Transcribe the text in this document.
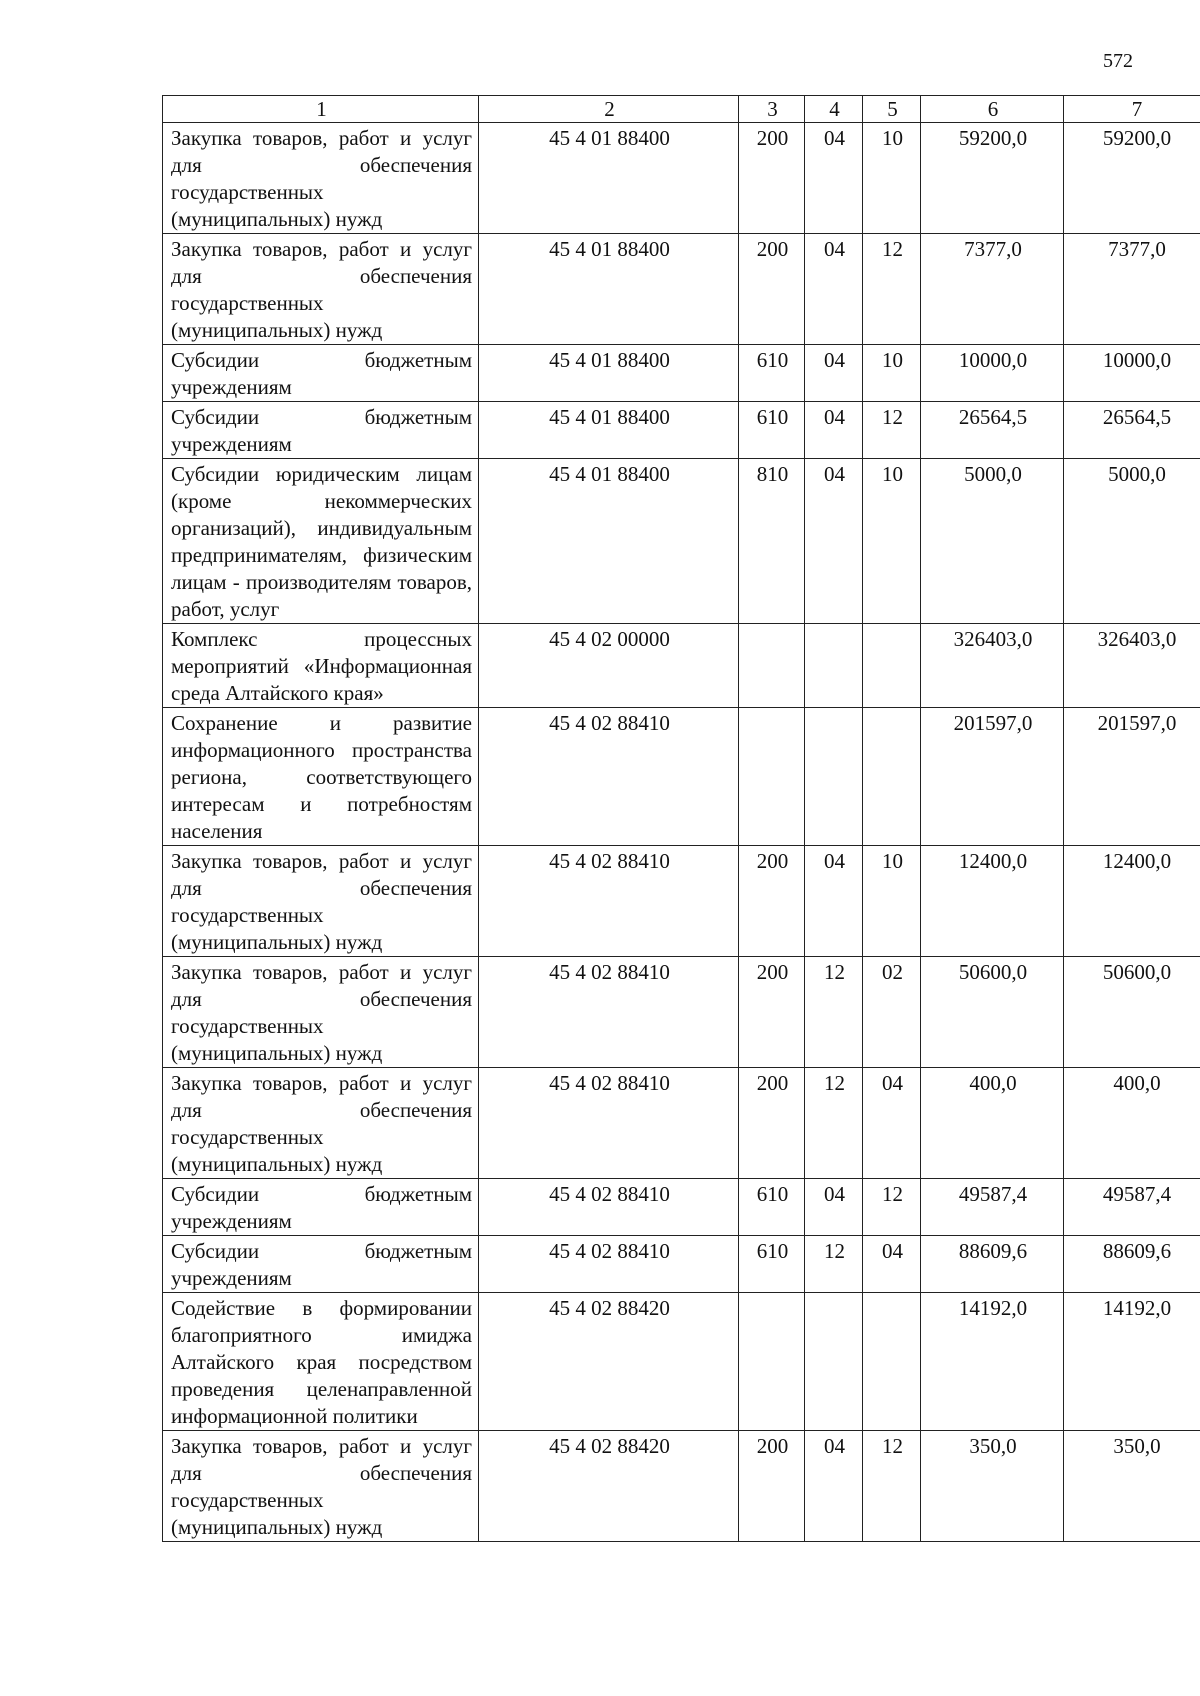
572
1	2	3	4	5	6	7
Закупка товаров, работ и услуг для обеспечения государственных (муниципальных) нужд	45 4 01 88400	200	04	10	59200,0	59200,0
Закупка товаров, работ и услуг для обеспечения государственных (муниципальных) нужд	45 4 01 88400	200	04	12	7377,0	7377,0
Субсидии бюджетным учреждениям	45 4 01 88400	610	04	10	10000,0	10000,0
Субсидии бюджетным учреждениям	45 4 01 88400	610	04	12	26564,5	26564,5
Субсидии юридическим лицам (кроме некоммерческих организаций), индивидуальным предпринимателям, физическим лицам - производителям товаров, работ, услуг	45 4 01 88400	810	04	10	5000,0	5000,0
Комплекс процессных мероприятий «Информационная среда Алтайского края»	45 4 02 00000				326403,0	326403,0
Сохранение и развитие информационного пространства региона, соответствующего интересам и потребностям населения	45 4 02 88410				201597,0	201597,0
Закупка товаров, работ и услуг для обеспечения государственных (муниципальных) нужд	45 4 02 88410	200	04	10	12400,0	12400,0
Закупка товаров, работ и услуг для обеспечения государственных (муниципальных) нужд	45 4 02 88410	200	12	02	50600,0	50600,0
Закупка товаров, работ и услуг для обеспечения государственных (муниципальных) нужд	45 4 02 88410	200	12	04	400,0	400,0
Субсидии бюджетным учреждениям	45 4 02 88410	610	04	12	49587,4	49587,4
Субсидии бюджетным учреждениям	45 4 02 88410	610	12	04	88609,6	88609,6
Содействие в формировании благоприятного имиджа Алтайского края посредством проведения целенаправленной информационной политики	45 4 02 88420				14192,0	14192,0
Закупка товаров, работ и услуг для обеспечения государственных (муниципальных) нужд	45 4 02 88420	200	04	12	350,0	350,0
